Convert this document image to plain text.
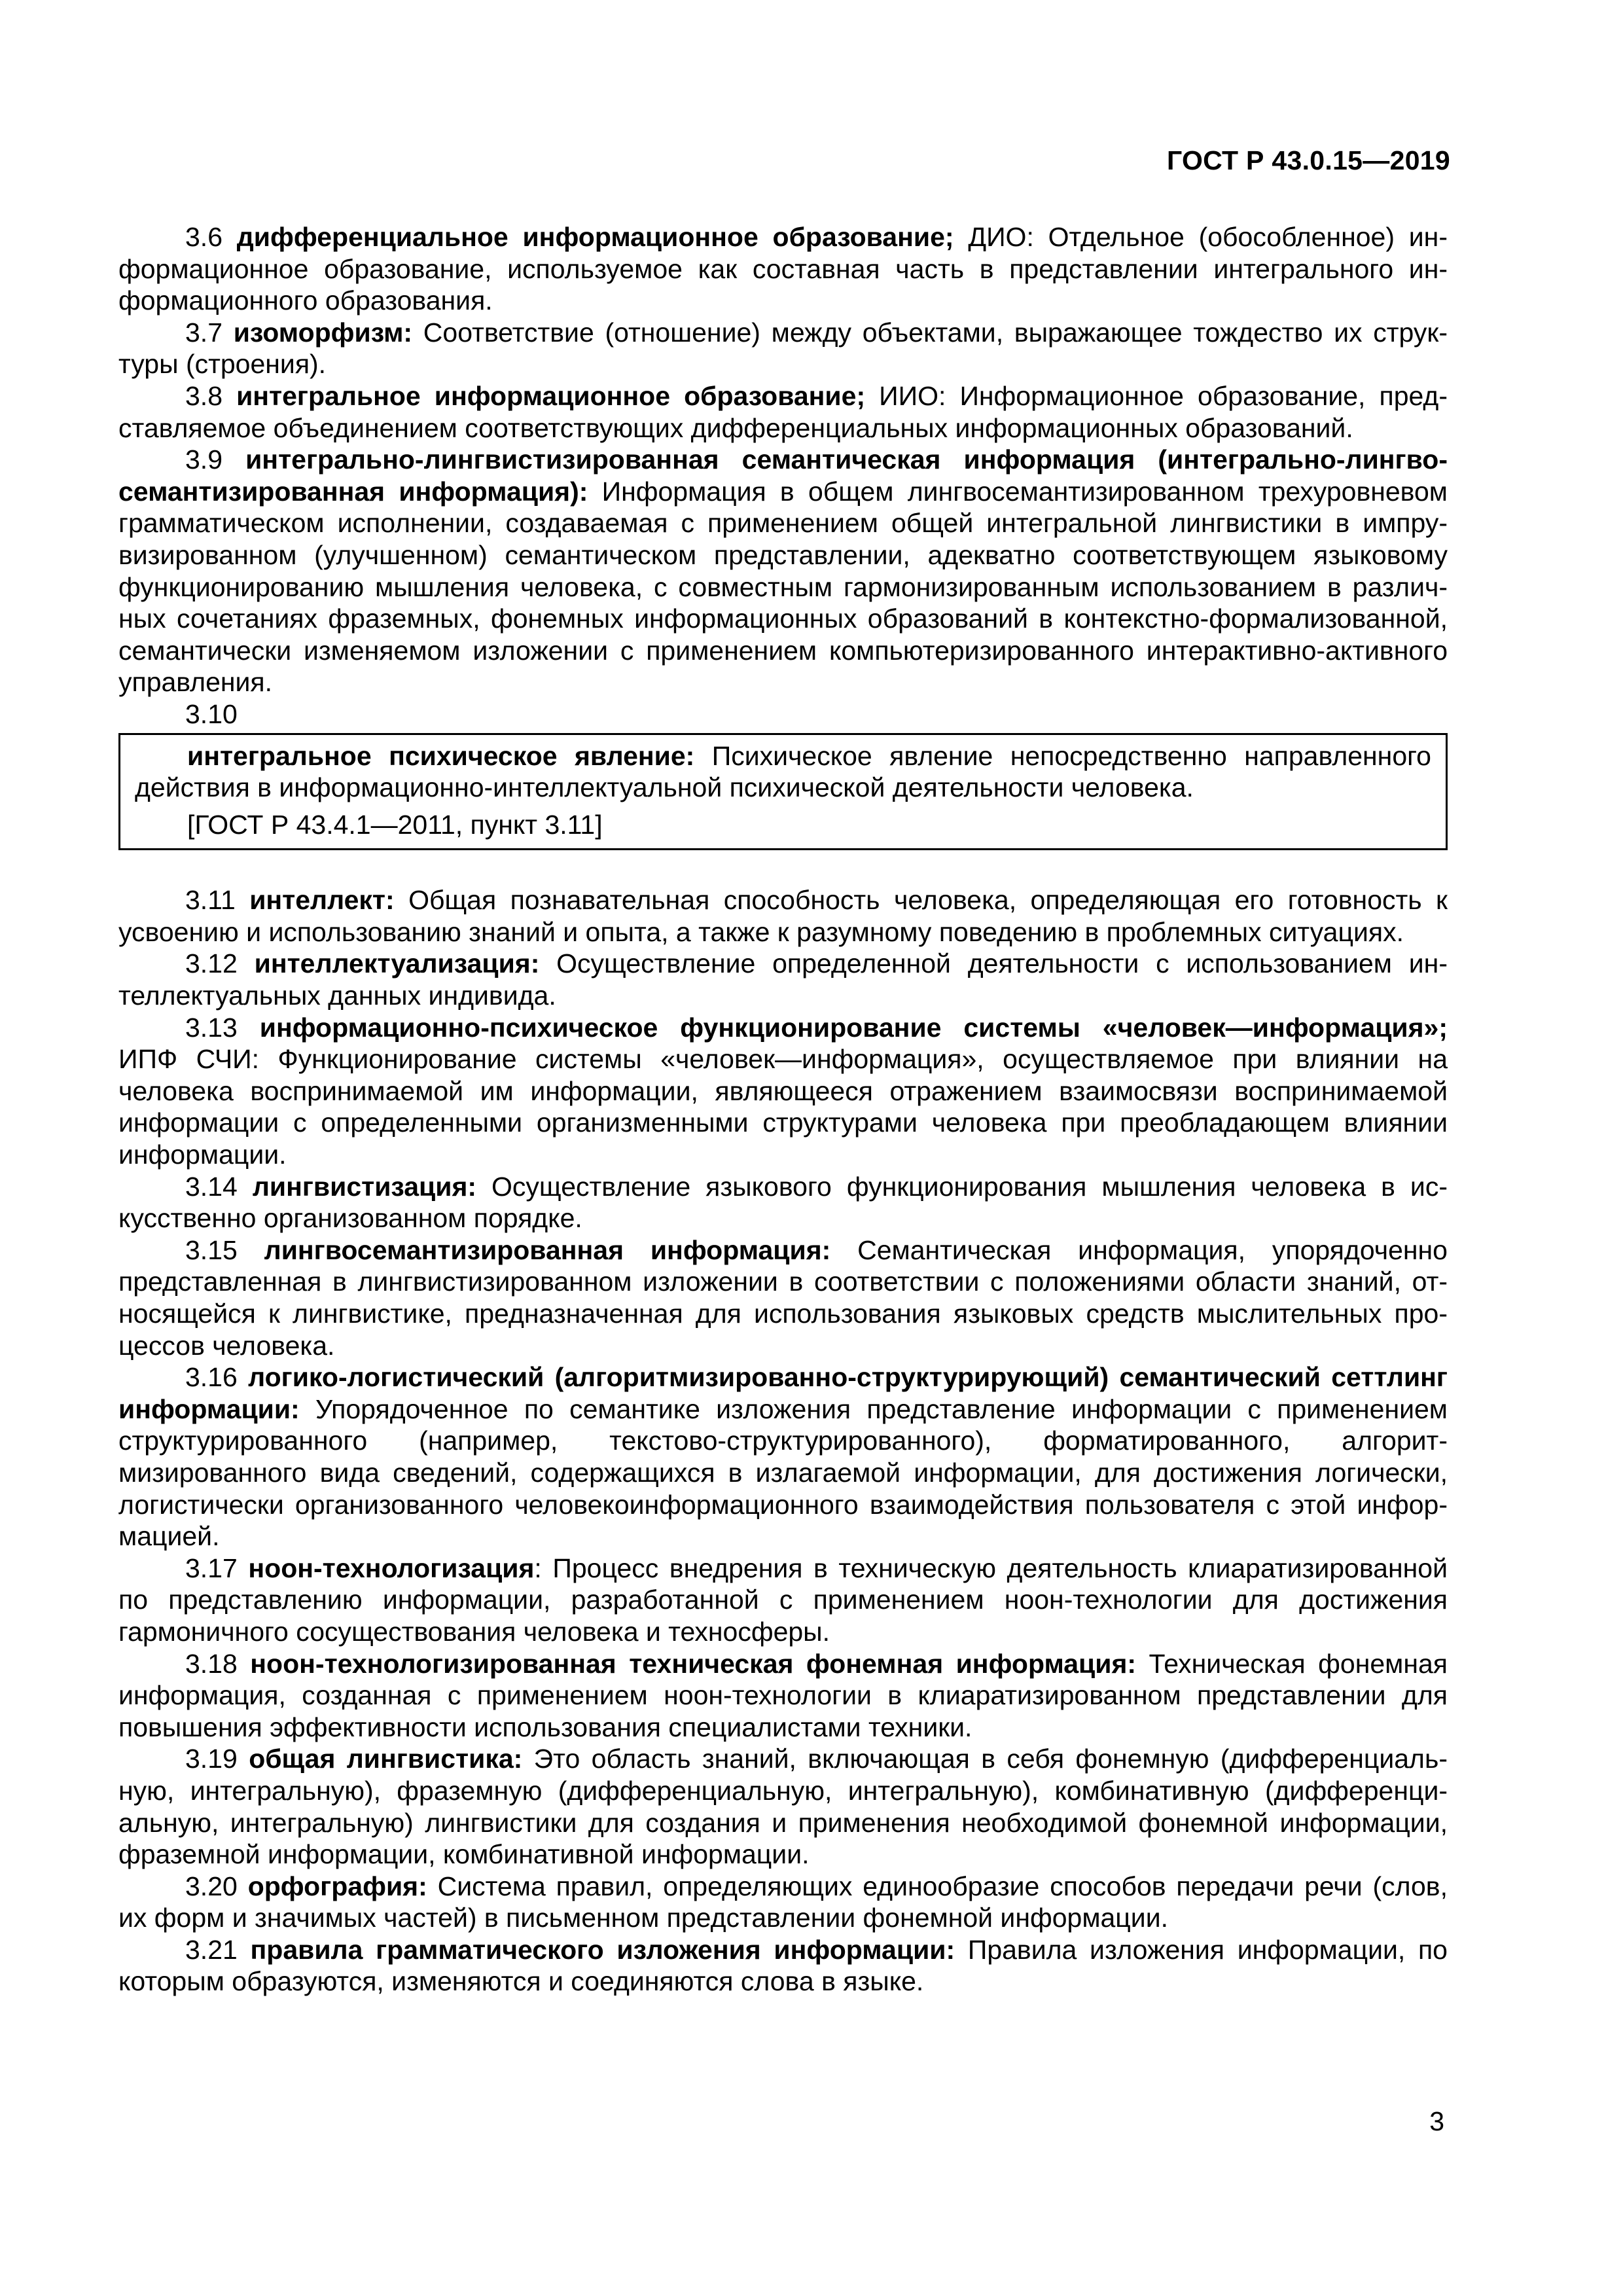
ГОСТ Р 43.0.15—2019

3.6 дифференциальное информационное образование; ДИО: Отдельное (обособленное) информационное образование, используемое как составная часть в представлении интегрального информационного образования.

3.7 изоморфизм: Соответствие (отношение) между объектами, выражающее тождество их структуры (строения).

3.8 интегральное информационное образование; ИИО: Информационное образование, представляемое объединением соответствующих дифференциальных информационных образований.

3.9 интегрально-лингвистизированная семантическая информация (интегрально-лингвосемантизированная информация): Информация в общем лингвосемантизированном трехуровневом грамматическом исполнении, создаваемая с применением общей интегральной лингвистики в импрувизированном (улучшенном) семантическом представлении, адекватно соответствующем языковому функционированию мышления человека, с совместным гармонизированным использованием в различных сочетаниях фраземных, фонемных информационных образований в контекстно-формализованной, семантически изменяемом изложении с применением компьютеризированного интерактивно-активного управления.

3.10

интегральное психическое явление: Психическое явление непосредственно направленного действия в информационно-интеллектуальной психической деятельности человека.

[ГОСТ Р 43.4.1—2011, пункт 3.11]

3.11 интеллект: Общая познавательная способность человека, определяющая его готовность к усвоению и использованию знаний и опыта, а также к разумному поведению в проблемных ситуациях.

3.12 интеллектуализация: Осуществление определенной деятельности с использованием интеллектуальных данных индивида.

3.13 информационно-психическое функционирование системы «человек—информация»; ИПФ СЧИ: Функционирование системы «человек—информация», осуществляемое при влиянии на человека воспринимаемой им информации, являющееся отражением взаимосвязи воспринимаемой информации с определенными организменными структурами человека при преобладающем влиянии информации.

3.14 лингвистизация: Осуществление языкового функционирования мышления человека в искусственно организованном порядке.

3.15 лингвосемантизированная информация: Семантическая информация, упорядоченно представленная в лингвистизированном изложении в соответствии с положениями области знаний, относящейся к лингвистике, предназначенная для использования языковых средств мыслительных процессов человека.

3.16 логико-логистический (алгоритмизированно-структурирующий) семантический сеттлинг информации: Упорядоченное по семантике изложения представление информации с применением структурированного (например, текстово-структурированного), форматированного, алгоритмизированного вида сведений, содержащихся в излагаемой информации, для достижения логически, логистически организованного человекоинформационного взаимодействия пользователя с этой информацией.

3.17 ноон-технологизация: Процесс внедрения в техническую деятельность клиаратизированной по представлению информации, разработанной с применением ноон-технологии для достижения гармоничного сосуществования человека и техносферы.

3.18 ноон-технологизированная техническая фонемная информация: Техническая фонемная информация, созданная с применением ноон-технологии в клиаратизированном представлении для повышения эффективности использования специалистами техники.

3.19 общая лингвистика: Это область знаний, включающая в себя фонемную (дифференциальную, интегральную), фраземную (дифференциальную, интегральную), комбинативную (дифференциальную, интегральную) лингвистики для создания и применения необходимой фонемной информации, фраземной информации, комбинативной информации.

3.20 орфография: Система правил, определяющих единообразие способов передачи речи (слов, их форм и значимых частей) в письменном представлении фонемной информации.

3.21 правила грамматического изложения информации: Правила изложения информации, по которым образуются, изменяются и соединяются слова в языке.

3
